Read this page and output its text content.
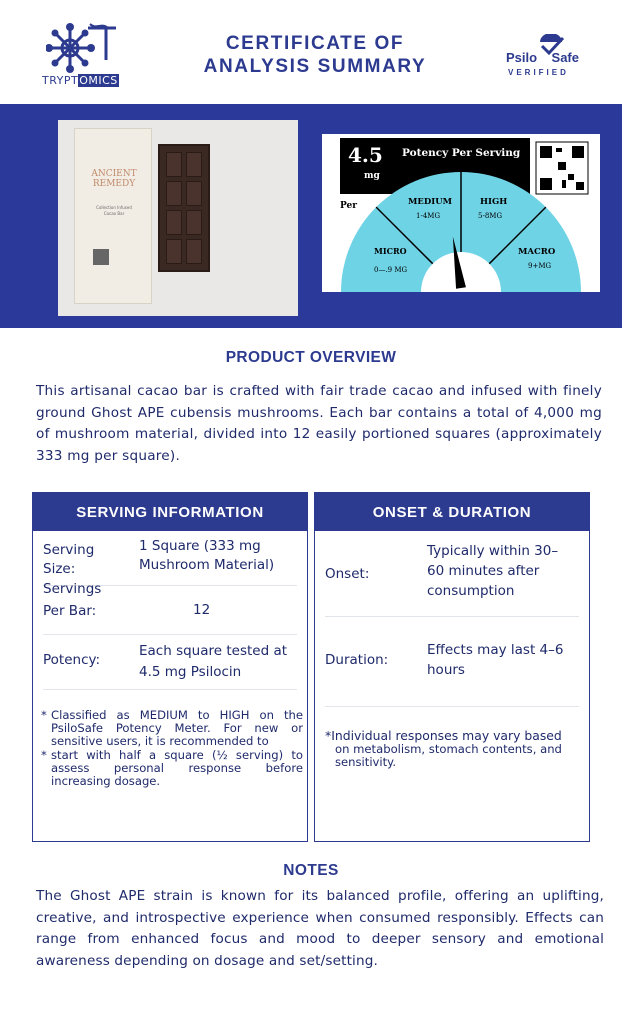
TRYPTOMICS
CERTIFICATE OF
ANALYSIS SUMMARY	Psilo Safe
VERIFIED
ANCIENT
REMEDY
Collection Infused Cacao Bar
4.5
mg
Potency Per Serving
Per
MICRO
0—.9 MG
MEDIUM
1-4MG
HIGH
5-8MG
MACRO
9+MG
PRODUCT OVERVIEW
This artisanal cacao bar is crafted with fair trade cacao and infused with finely ground Ghost APE cubensis mushrooms. Each bar contains a total of 4,000 mg of mushroom material, divided into 12 easily portioned squares (approximately 333 mg per square).
SERVING INFORMATION
Serving Size:
1 Square (333 mg Mushroom Material)
Servings
Per Bar:	12
Potency:
Each square tested at 4.5 mg Psilocin
* Classified as MEDIUM to HIGH on the PsiloSafe Potency Meter. For new or sensitive users, it is recommended to
* start with half a square (½ serving) to assess personal response before increasing dosage.
ONSET & DURATION
Onset:
Typically within 30–60 minutes after consumption
Duration:
Effects may last 4–6 hours
*Individual responses may vary based
on metabolism, stomach contents, and sensitivity.
NOTES
The Ghost APE strain is known for its balanced profile, offering an uplifting, creative, and introspective experience when consumed responsibly. Effects can range from enhanced focus and mood to deeper sensory and emotional awareness depending on dosage and set/setting.
